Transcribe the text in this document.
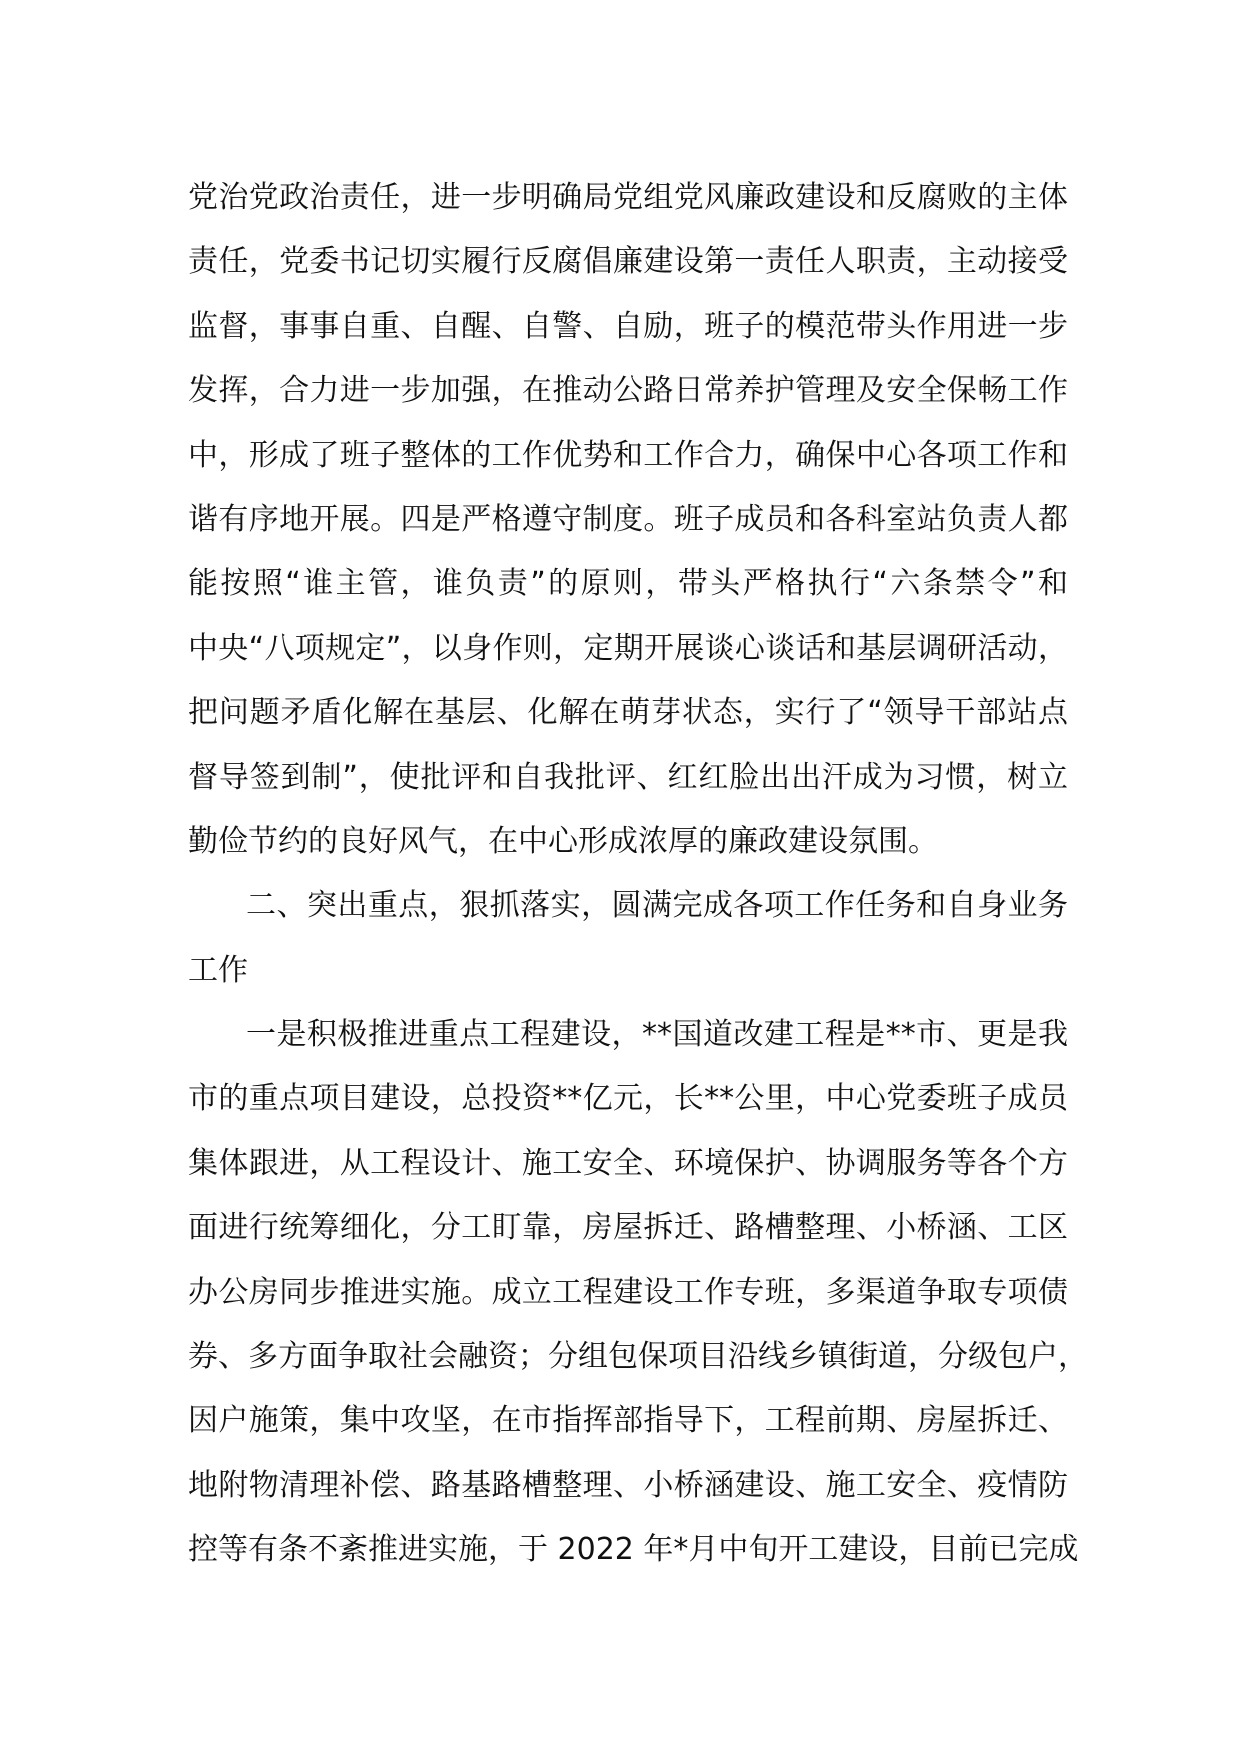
党治党政治责任，进一步明确局党组党风廉政建设和反腐败的主体
责任，党委书记切实履行反腐倡廉建设第一责任人职责，主动接受
监督，事事自重、自醒、自警、自励，班子的模范带头作用进一步
发挥，合力进一步加强，在推动公路日常养护管理及安全保畅工作
中，形成了班子整体的工作优势和工作合力，确保中心各项工作和
谐有序地开展。四是严格遵守制度。班子成员和各科室站负责人都
能按照“谁主管，谁负责”的原则，带头严格执行“六条禁令”和
中央“八项规定”，以身作则，定期开展谈心谈话和基层调研活动，
把问题矛盾化解在基层、化解在萌芽状态，实行了“领导干部站点
督导签到制”，使批评和自我批评、红红脸出出汗成为习惯，树立
勤俭节约的良好风气，在中心形成浓厚的廉政建设氛围。
二、突出重点，狠抓落实，圆满完成各项工作任务和自身业务
工作
一是积极推进重点工程建设，**国道改建工程是**市、更是我
市的重点项目建设，总投资**亿元，长**公里，中心党委班子成员
集体跟进，从工程设计、施工安全、环境保护、协调服务等各个方
面进行统筹细化，分工盯靠，房屋拆迁、路槽整理、小桥涵、工区
办公房同步推进实施。成立工程建设工作专班，多渠道争取专项债
券、多方面争取社会融资；分组包保项目沿线乡镇街道，分级包户，
因户施策，集中攻坚，在市指挥部指导下，工程前期、房屋拆迁、
地附物清理补偿、路基路槽整理、小桥涵建设、施工安全、疫情防
控等有条不紊推进实施，于 2022 年*月中旬开工建设，目前已完成
